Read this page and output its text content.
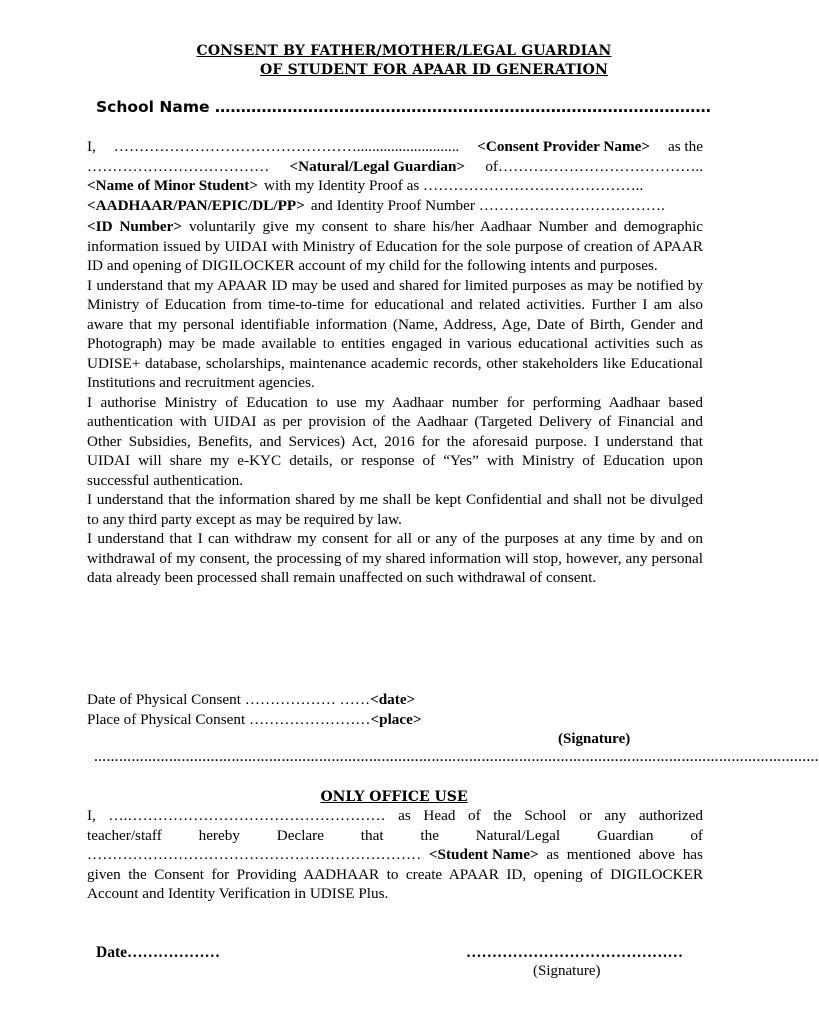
CONSENT BY FATHER/MOTHER/LEGAL GUARDIAN
OF STUDENT FOR APAAR ID GENERATION
School Name ……………………………………………………………………………………
I, …………………………………………........................... <Consent Provider Name> as the
……………………………… <Natural/Legal Guardian> of…………………………………..
<Name of Minor Student> with my Identity Proof as ……………………………………..
<AADHAAR/PAN/EPIC/DL/PP> and Identity Proof Number ……………………………….

<ID Number> voluntarily give my consent to share his/her Aadhaar Number and demographic information issued by UIDAI with Ministry of Education for the sole purpose of creation of APAAR ID and opening of DIGILOCKER account of my child for the following intents and purposes.

I understand that my APAAR ID may be used and shared for limited purposes as may be notified by Ministry of Education from time-to-time for educational and related activities. Further I am also aware that my personal identifiable information (Name, Address, Age, Date of Birth, Gender and Photograph) may be made available to entities engaged in various educational activities such as UDISE+ database, scholarships, maintenance academic records, other stakeholders like Educational Institutions and recruitment agencies.

I authorise Ministry of Education to use my Aadhaar number for performing Aadhaar based authentication with UIDAI as per provision of the Aadhaar (Targeted Delivery of Financial and Other Subsidies, Benefits, and Services) Act, 2016 for the aforesaid purpose. I understand that UIDAI will share my e-KYC details, or response of “Yes” with Ministry of Education upon successful authentication.

I understand that the information shared by me shall be kept Confidential and shall not be divulged to any third party except as may be required by law.

I understand that I can withdraw my consent for all or any of the purposes at any time by and on withdrawal of my consent, the processing of my shared information will stop, however, any personal data already been processed shall remain unaffected on such withdrawal of consent.

Date of Physical Consent ……………… ……<date>
Place of Physical Consent ……………………<place>
(Signature)
…………………………………………………………………………………………………………………………………………………………
ONLY OFFICE USE
I, ….…………………………………………… as Head of the School or any authorized
teacher/staff hereby Declare that the Natural/Legal Guardian of
………………………………………………………… <Student Name> as mentioned above has
given the Consent for Providing AADHAAR to create APAAR ID, opening of DIGILOCKER Account and Identity Verification in UDISE Plus.
Date………………	……………………………………
(Signature)
